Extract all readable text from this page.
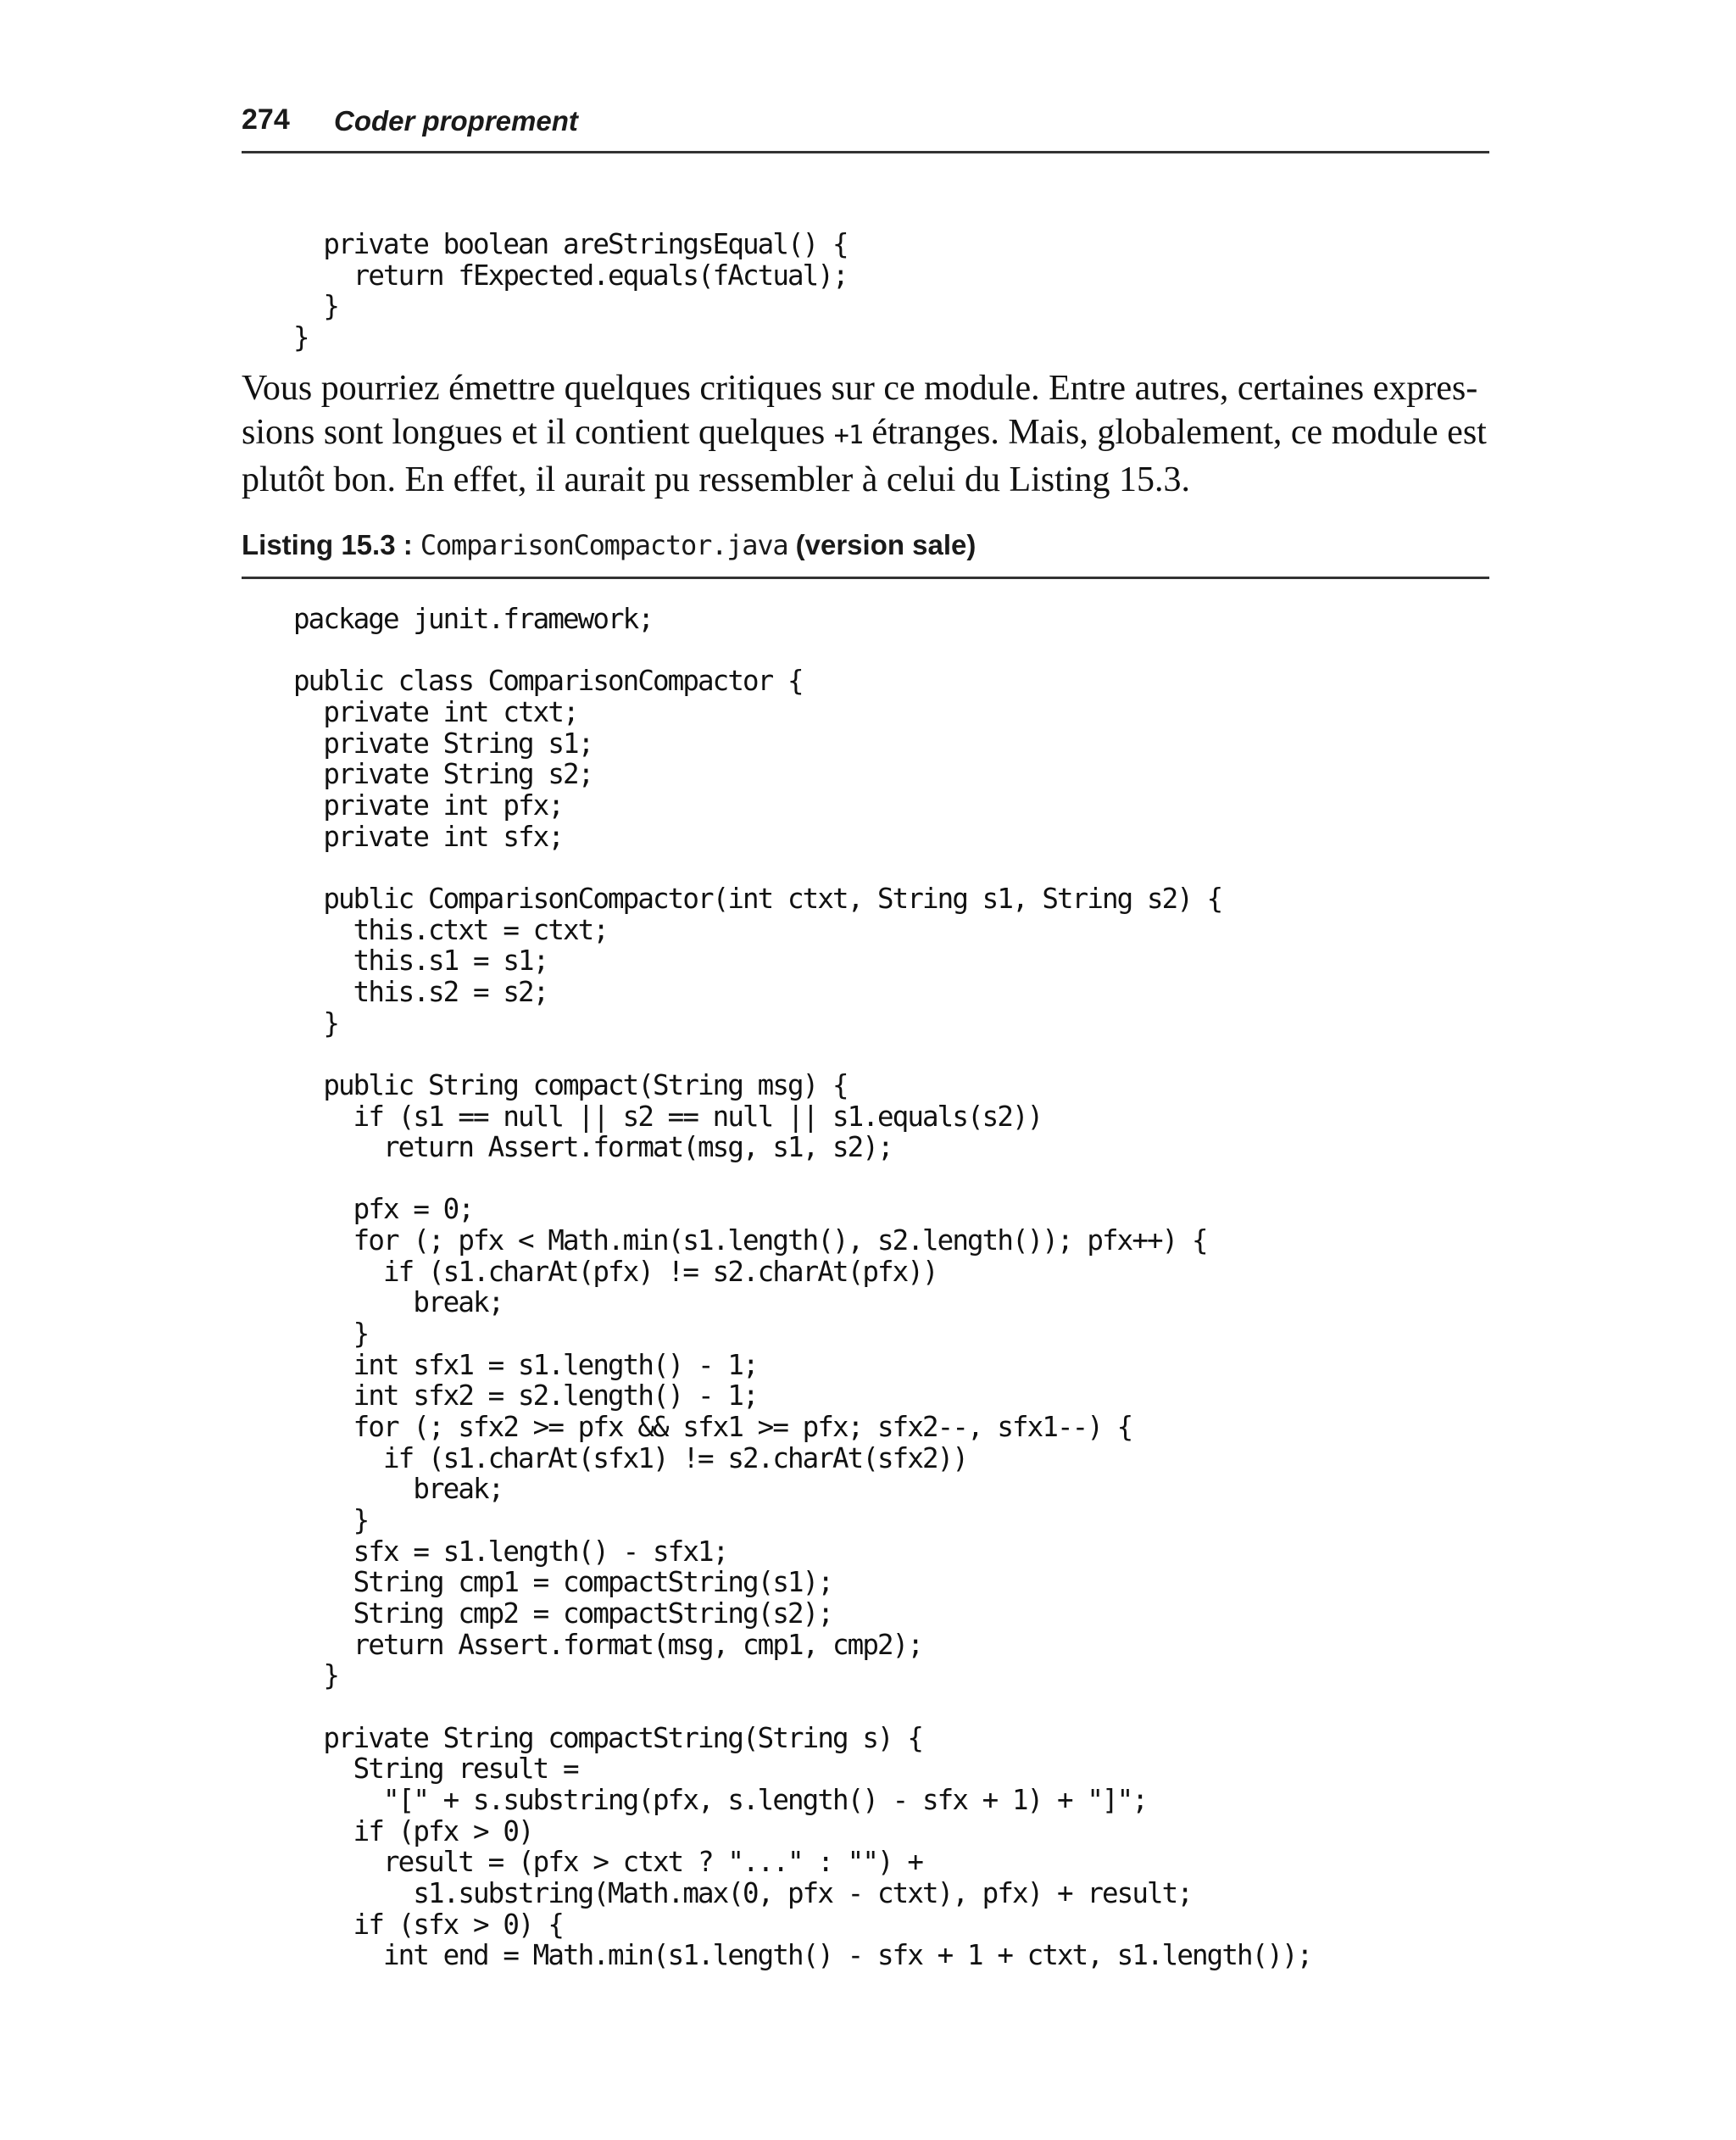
274 Coder proprement
private boolean areStringsEqual() {
return fExpected.equals(fActual);
}
}

Vous pourriez émettre quelques critiques sur ce module. Entre autres, certaines expres-
sions sont longues et il contient quelques +1 étranges. Mais, globalement, ce module est
plutôt bon. En effet, il aurait pu ressembler à celui du Listing 15.3.

Listing 15.3 : ComparisonCompactor.java (version sale)
package junit.framework;

public class ComparisonCompactor {
private int ctxt;
private String s1;
private String s2;
private int pfx;
private int sfx;

public ComparisonCompactor(int ctxt, String s1, String s2) {
this.ctxt = ctxt;
this.s1 = s1;
this.s2 = s2;
}

public String compact(String msg) {
if (s1 == null || s2 == null || s1.equals(s2))
return Assert.format(msg, s1, s2);

pfx = 0;
for (; pfx < Math.min(s1.length(), s2.length()); pfx++) {
if (s1.charAt(pfx) != s2.charAt(pfx))
break;
}
int sfx1 = s1.length() - 1;
int sfx2 = s2.length() - 1;
for (; sfx2 >= pfx && sfx1 >= pfx; sfx2--, sfx1--) {
if (s1.charAt(sfx1) != s2.charAt(sfx2))
break;
}
sfx = s1.length() - sfx1;
String cmp1 = compactString(s1);
String cmp2 = compactString(s2);
return Assert.format(msg, cmp1, cmp2);
}

private String compactString(String s) {
String result =
"[" + s.substring(pfx, s.length() - sfx + 1) + "]";
if (pfx > 0)
result = (pfx > ctxt ? "..." : "") +
s1.substring(Math.max(0, pfx - ctxt), pfx) + result;
if (sfx > 0) {
int end = Math.min(s1.length() - sfx + 1 + ctxt, s1.length());
